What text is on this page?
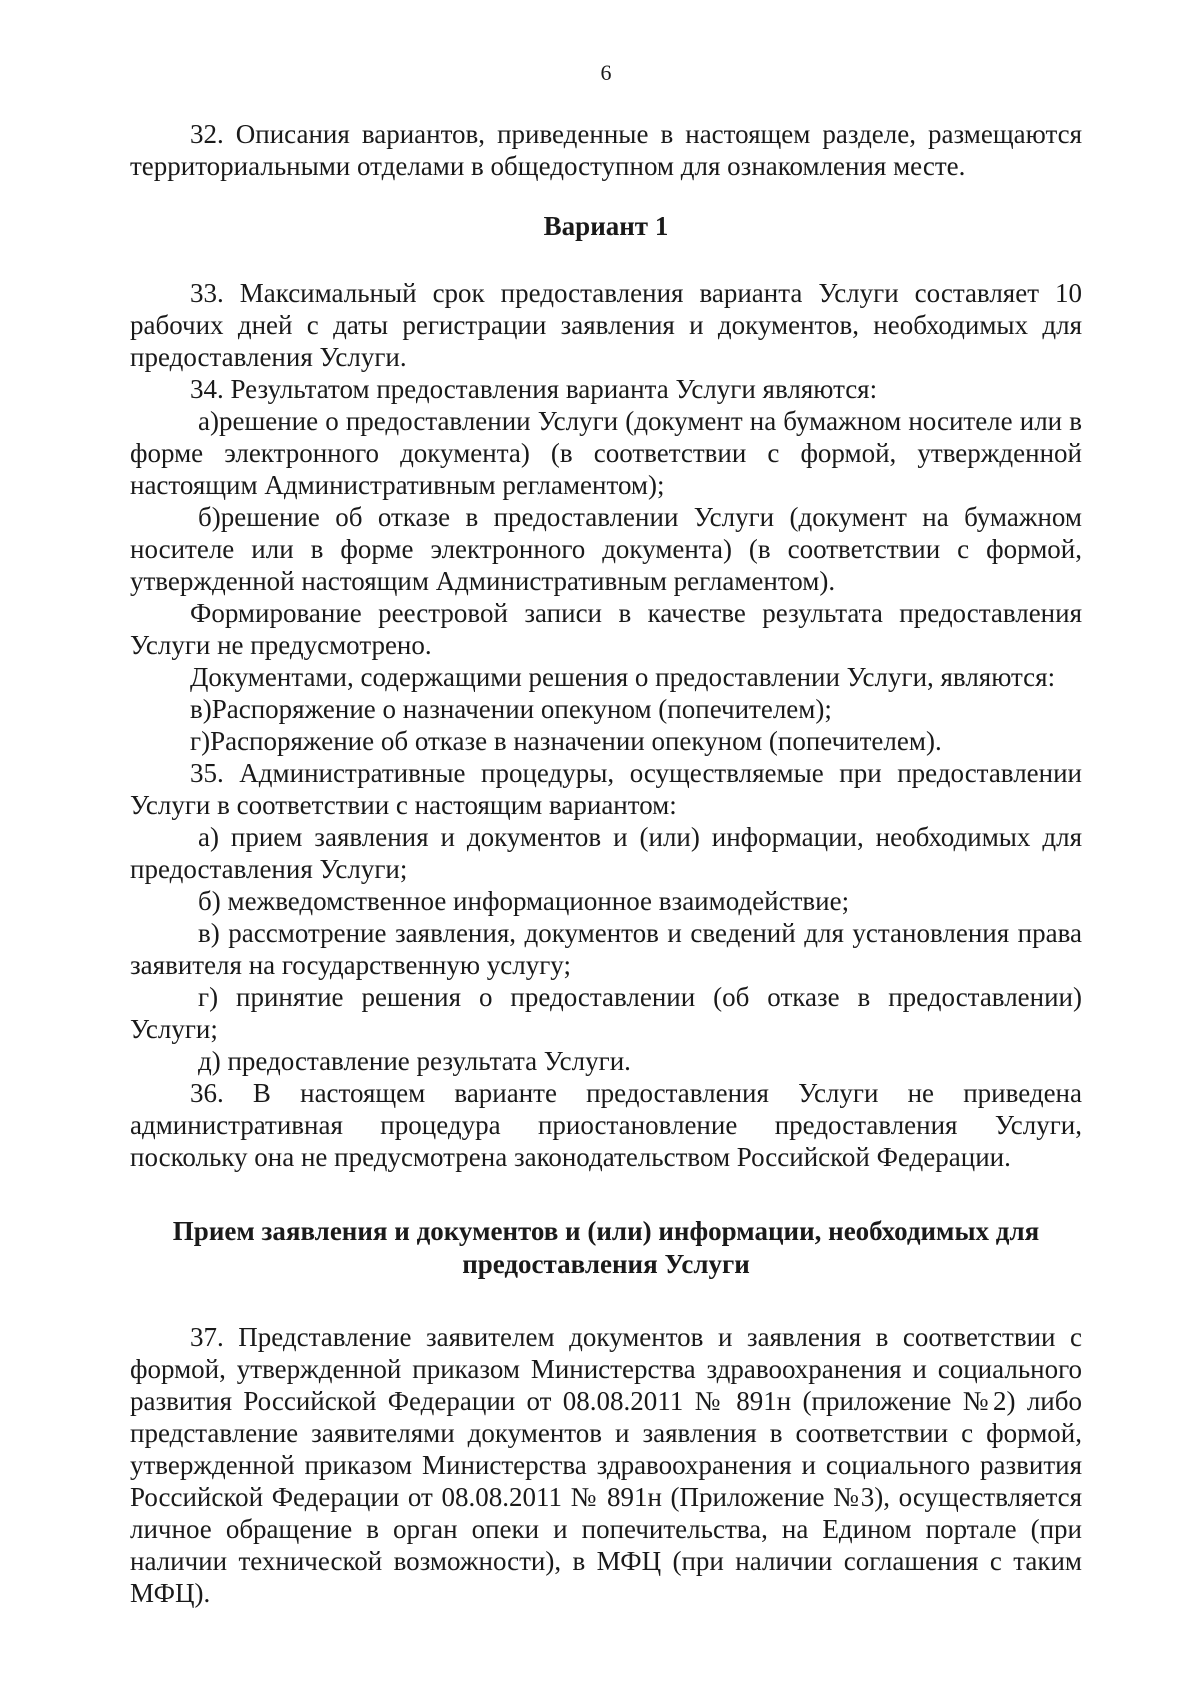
6

32. Описания вариантов, приведенные в настоящем разделе, размещаются территориальными отделами в общедоступном для ознакомления месте.

Вариант 1

33. Максимальный срок предоставления варианта Услуги составляет 10 рабочих дней с даты регистрации заявления и документов, необходимых для предоставления Услуги.

34. Результатом предоставления варианта Услуги являются:

а)решение о предоставлении Услуги (документ на бумажном носителе или в форме электронного документа) (в соответствии с формой, утвержденной настоящим Административным регламентом);

б)решение об отказе в предоставлении Услуги (документ на бумажном носителе или в форме электронного документа) (в соответствии с формой, утвержденной настоящим Административным регламентом).

Формирование реестровой записи в качестве результата предоставления Услуги не предусмотрено.

Документами, содержащими решения о предоставлении Услуги, являются:

в)Распоряжение о назначении опекуном (попечителем);

г)Распоряжение об отказе в назначении опекуном (попечителем).

35. Административные процедуры, осуществляемые при предоставлении Услуги в соответствии с настоящим вариантом:

а) прием заявления и документов и (или) информации, необходимых для предоставления Услуги;

б) межведомственное информационное взаимодействие;

в) рассмотрение заявления, документов и сведений для установления права заявителя на государственную услугу;

г) принятие решения о предоставлении (об отказе в предоставлении) Услуги;

д) предоставление результата Услуги.

36. В настоящем варианте предоставления Услуги не приведена административная процедура приостановление предоставления Услуги, поскольку она не предусмотрена законодательством Российской Федерации.

Прием заявления и документов и (или) информации, необходимых для предоставления Услуги

37. Представление заявителем документов и заявления в соответствии с формой, утвержденной приказом Министерства здравоохранения и социального развития Российской Федерации от 08.08.2011 № 891н (приложение №2) либо представление заявителями документов и заявления в соответствии с формой, утвержденной приказом Министерства здравоохранения и социального развития Российской Федерации от 08.08.2011 № 891н (Приложение №3), осуществляется личное обращение в орган опеки и попечительства, на Едином портале (при наличии технической возможности), в МФЦ (при наличии соглашения с таким МФЦ).
